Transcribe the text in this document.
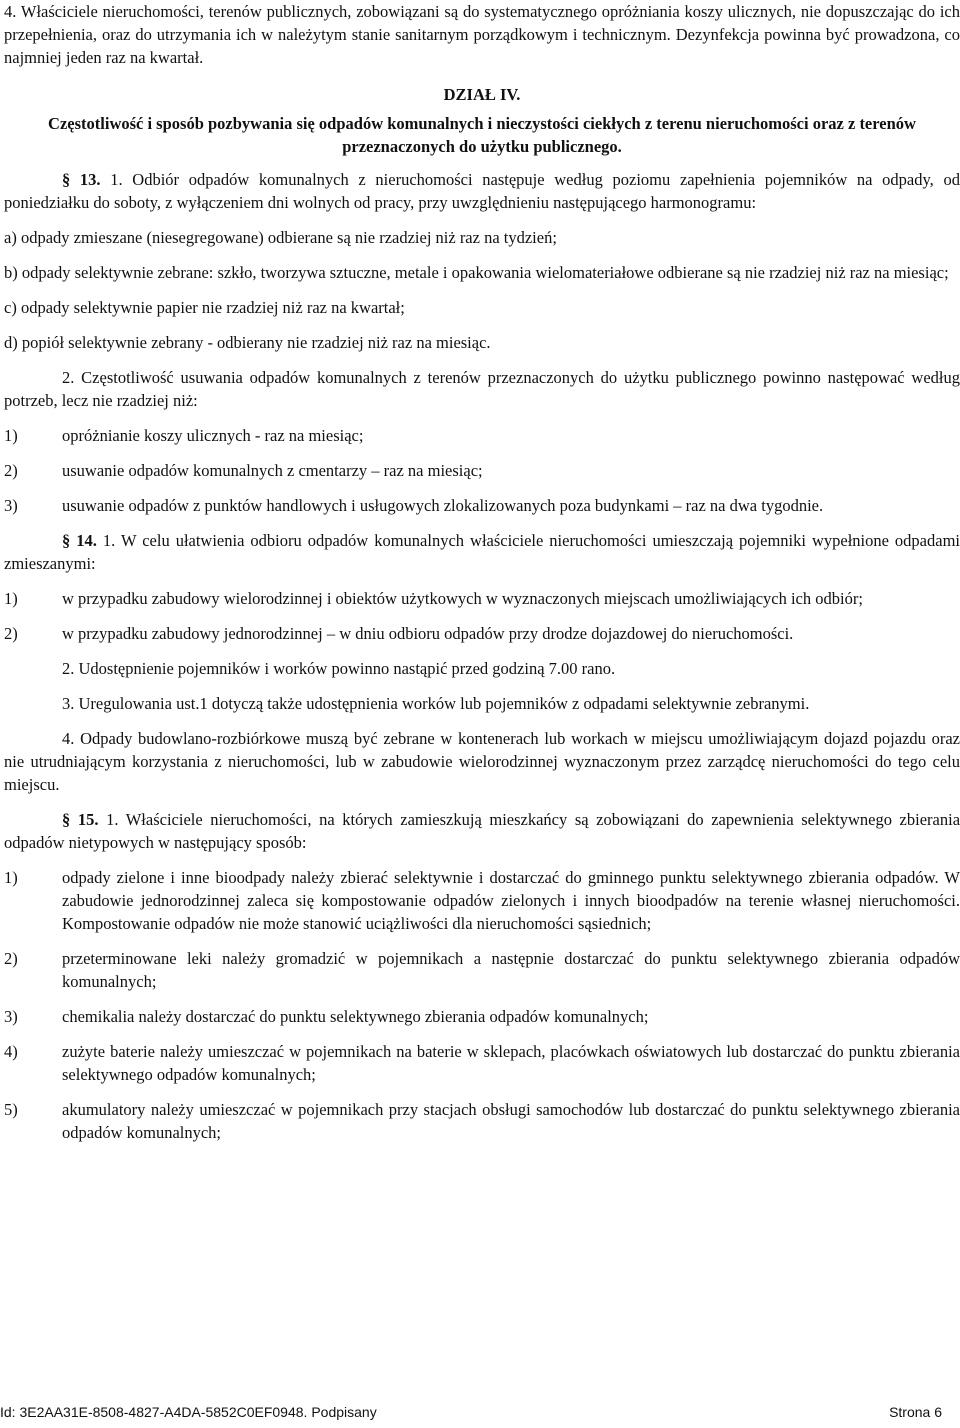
4. Właściciele nieruchomości, terenów publicznych, zobowiązani są do systematycznego opróżniania koszy ulicznych, nie dopuszczając do ich przepełnienia, oraz do utrzymania ich w należytym stanie sanitarnym porządkowym i technicznym. Dezynfekcja powinna być prowadzona, co najmniej jeden raz na kwartał.

DZIAŁ IV.

Częstotliwość i sposób pozbywania się odpadów komunalnych i nieczystości ciekłych z terenu nieruchomości oraz z terenów przeznaczonych do użytku publicznego.

§ 13. 1. Odbiór odpadów komunalnych z nieruchomości następuje według poziomu zapełnienia pojemników na odpady, od poniedziałku do soboty, z wyłączeniem dni wolnych od pracy, przy uwzględnieniu następującego harmonogramu:

a) odpady zmieszane (niesegregowane) odbierane są nie rzadziej niż raz na tydzień;

b) odpady selektywnie zebrane: szkło, tworzywa sztuczne, metale i opakowania wielomateriałowe odbierane są nie rzadziej niż raz na miesiąc;

c) odpady selektywnie papier nie rzadziej niż raz na kwartał;

d) popiół selektywnie zebrany - odbierany nie rzadziej niż raz na miesiąc.

2. Częstotliwość usuwania odpadów komunalnych z terenów przeznaczonych do użytku publicznego powinno następować według potrzeb, lecz nie rzadziej niż:

1)	opróżnianie koszy ulicznych - raz na miesiąc;
2)	usuwanie odpadów komunalnych z cmentarzy – raz na miesiąc;
3)	usuwanie odpadów z punktów handlowych i usługowych zlokalizowanych poza budynkami – raz na dwa tygodnie.

§ 14. 1. W celu ułatwienia odbioru odpadów komunalnych właściciele nieruchomości umieszczają pojemniki wypełnione odpadami zmieszanymi:

1)	w przypadku zabudowy wielorodzinnej i obiektów użytkowych w wyznaczonych miejscach umożliwiających ich odbiór;
2)	w przypadku zabudowy jednorodzinnej – w dniu odbioru odpadów przy drodze dojazdowej do nieruchomości.

2. Udostępnienie pojemników i worków powinno nastąpić przed godziną 7.00 rano.

3. Uregulowania ust.1 dotyczą także udostępnienia worków lub pojemników z odpadami selektywnie zebranymi.

4. Odpady budowlano-rozbiórkowe muszą być zebrane w kontenerach lub workach w miejscu umożliwiającym dojazd pojazdu oraz nie utrudniającym korzystania z nieruchomości, lub w zabudowie wielorodzinnej wyznaczonym przez zarządcę nieruchomości do tego celu miejscu.

§ 15. 1. Właściciele nieruchomości, na których zamieszkują mieszkańcy są zobowiązani do zapewnienia selektywnego zbierania odpadów nietypowych w następujący sposób:

1)	odpady zielone i inne bioodpady należy zbierać selektywnie i dostarczać do gminnego punktu selektywnego zbierania odpadów. W zabudowie jednorodzinnej zaleca się kompostowanie odpadów zielonych i innych bioodpadów na terenie własnej nieruchomości. Kompostowanie odpadów nie może stanowić uciążliwości dla nieruchomości sąsiednich;
2)	przeterminowane leki należy gromadzić w pojemnikach a następnie dostarczać do punktu selektywnego zbierania odpadów komunalnych;
3)	chemikalia należy dostarczać do punktu selektywnego zbierania odpadów komunalnych;
4)	zużyte baterie należy umieszczać w pojemnikach na baterie w sklepach, placówkach oświatowych lub dostarczać do punktu zbierania selektywnego odpadów komunalnych;
5)	akumulatory należy umieszczać w pojemnikach przy stacjach obsługi samochodów lub dostarczać do punktu selektywnego zbierania odpadów komunalnych;
Id: 3E2AA31E-8508-4827-A4DA-5852C0EF0948. Podpisany	Strona 6
